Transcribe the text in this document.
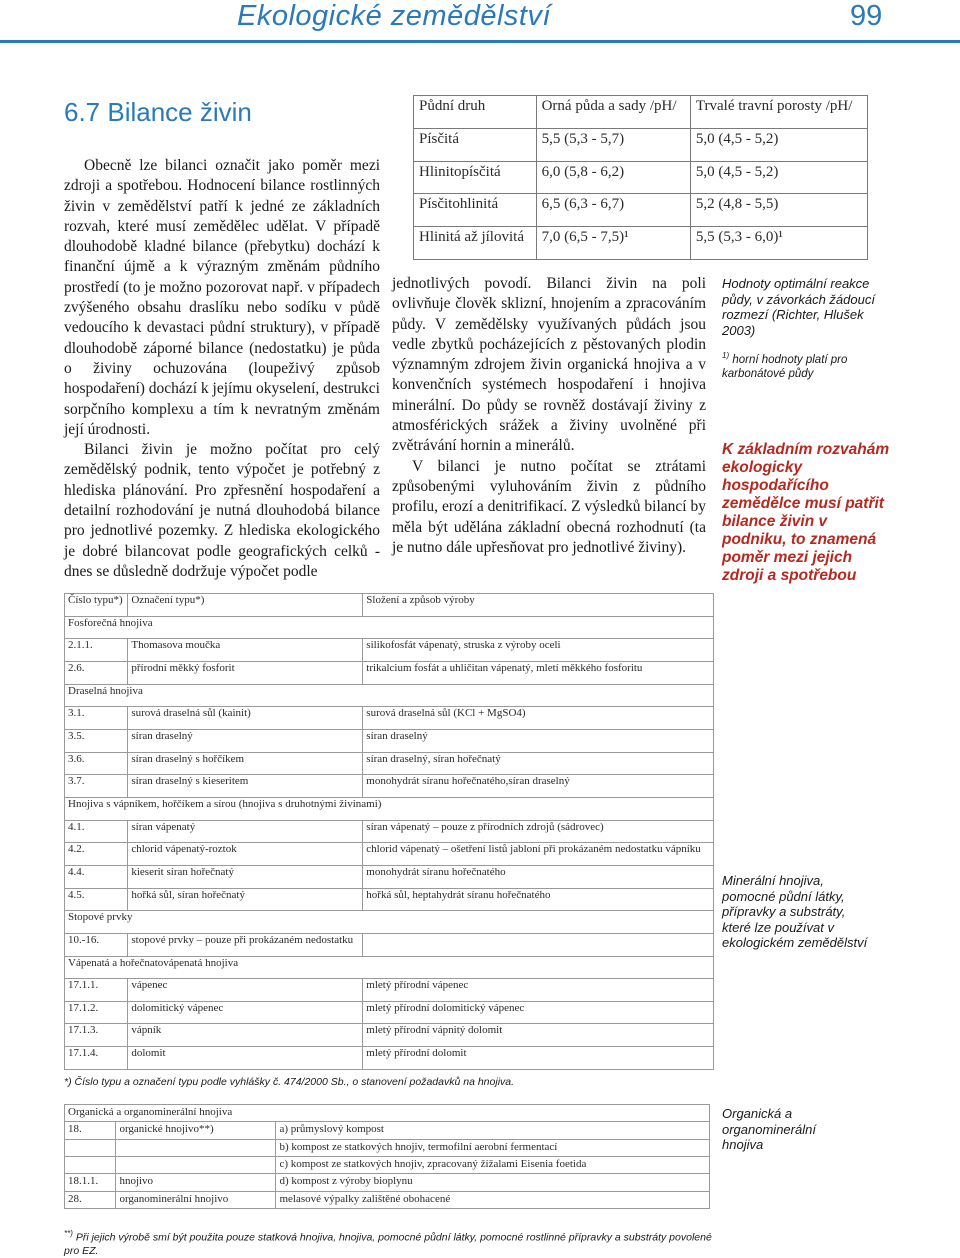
Ekologické zemědělství	99
6.7 Bilance živin

Obecně lze bilanci označit jako poměr mezi zdroji a spotřebou. Hodnocení bilance rostlinných živin v zemědělství patří k jedné ze základních rozvah, které musí zemědělec udělat. V případě dlouhodobě kladné bilance (přebytku) dochází k finanční újmě a k výrazným změnám půdního prostředí (to je možno pozorovat např. v případech zvýšeného obsahu draslíku nebo sodíku v půdě vedoucího k devastaci půdní struktury), v případě dlouhodobě záporné bilance (nedostatku) je půda o živiny ochuzována (loupeživý způsob hospodaření) dochází k jejímu okyselení, destrukci sorpčního komplexu a tím k nevratným změnám její úrodnosti.

Bilanci živin je možno počítat pro celý zemědělský podnik, tento výpočet je potřebný z hlediska plánování. Pro zpřesnění hospodaření a detailní rozhodování je nutná dlouhodobá bilance pro jednotlivé pozemky. Z hlediska ekologického je dobré bilancovat podle geografických celků - dnes se důsledně dodržuje výpočet podle

Půdní druh	Orná půda a sady /pH/	Trvalé travní porosty /pH/
Písčitá	5,5 (5,3 - 5,7)	5,0 (4,5 - 5,2)
Hlinitopísčitá	6,0 (5,8 - 6,2)	5,0 (4,5 - 5,2)
Písčitohlinitá	6,5 (6,3 - 6,7)	5,2 (4,8 - 5,5)
Hlinitá až jílovitá	7,0 (6,5 - 7,5)¹	5,5 (5,3 - 6,0)¹

jednotlivých povodí. Bilanci živin na poli ovlivňuje člověk sklizní, hnojením a zpracováním půdy. V zemědělsky využívaných půdách jsou vedle zbytků pocházejících z pěstovaných plodin významným zdrojem živin organická hnojiva a v konvenčních systémech hospodaření i hnojiva minerální. Do půdy se rovněž dostávají živiny z atmosférických srážek a živiny uvolněné při zvětrávání hornin a minerálů.

V bilanci je nutno počítat se ztrátami způsobenými vyluhováním živin z půdního profilu, erozí a denitrifikací. Z výsledků bilancí by měla být udělána základní obecná rozhodnutí (ta je nutno dále upřesňovat pro jednotlivé živiny).

Hodnoty optimální reakce půdy, v závorkách žádoucí rozmezí (Richter, Hlušek 2003)
$^{1)}$ horní hodnoty platí pro karbonátové půdy
K základním rozvahám ekologicky hospodařícího zemědělce musí patřit bilance živin v podniku, to znamená poměr mezi jejich zdroji a spotřebou
Číslo typu*)	Označení typu*)	Složení a způsob výroby
Fosforečná hnojiva		
2.1.1.	Thomasova moučka	silikofosfát vápenatý, struska z výroby oceli
2.6.	přírodní měkký fosforit	trikalcium fosfát a uhličitan vápenatý, mletí měkkého fosforitu
Draselná hnojiva		
3.1.	surová draselná sůl (kainit)	surová draselná sůl (KCl + MgSO4)
3.5.	síran draselný	síran draselný
3.6.	síran draselný s hořčíkem	síran draselný, síran hořečnatý
3.7.	síran draselný s kieseritem	monohydrát síranu hořečnatého,síran draselný
Hnojiva s vápníkem, hořčíkem a sírou (hnojiva s druhotnými živinami)		
4.1.	síran vápenatý	síran vápenatý – pouze z přírodních zdrojů (sádrovec)
4.2.	chlorid vápenatý-roztok	chlorid vápenatý – ošetření listů jabloní při prokázaném nedostatku vápníku
4.4.	kieserit síran hořečnatý	monohydrát síranu hořečnatého
4.5.	hořká sůl, síran hořečnatý	hořká sůl, heptahydrát síranu hořečnatého
Stopové prvky		
10.-16.	stopové prvky – pouze při prokázaném nedostatku	
Vápenatá a hořečnatovápenatá hnojiva		
17.1.1.	vápenec	mletý přírodní vápenec
17.1.2.	dolomitický vápenec	mletý přírodní dolomitický vápenec
17.1.3.	vápník	mletý přírodní vápnitý dolomit
17.1.4.	dolomit	mletý přírodní dolomit
Minerální hnojiva, pomocné půdní látky, přípravky a substráty, které lze používat v ekologickém zemědělství
*) Číslo typu a označení typu podle vyhlášky č. 474/2000 Sb., o stanovení požadavků na hnojiva.
Organická a organominerální hnojiva		
18.	organické hnojivo**)	a) průmyslový kompost
		b) kompost ze statkových hnojiv, termofilní aerobní fermentací
		c) kompost ze statkových hnojiv, zpracovaný žížalami Eisenia foetida
18.1.1.	hnojivo	d) kompost z výroby bioplynu
28.	organominerální hnojivo	melasové výpalky zalištěné obohacené
Organická a organominerální hnojiva
**) Při jejich výrobě smí být použita pouze statková hnojiva, hnojiva, pomocné půdní látky, pomocné rostlinné přípravky a substráty povolené pro EZ.
